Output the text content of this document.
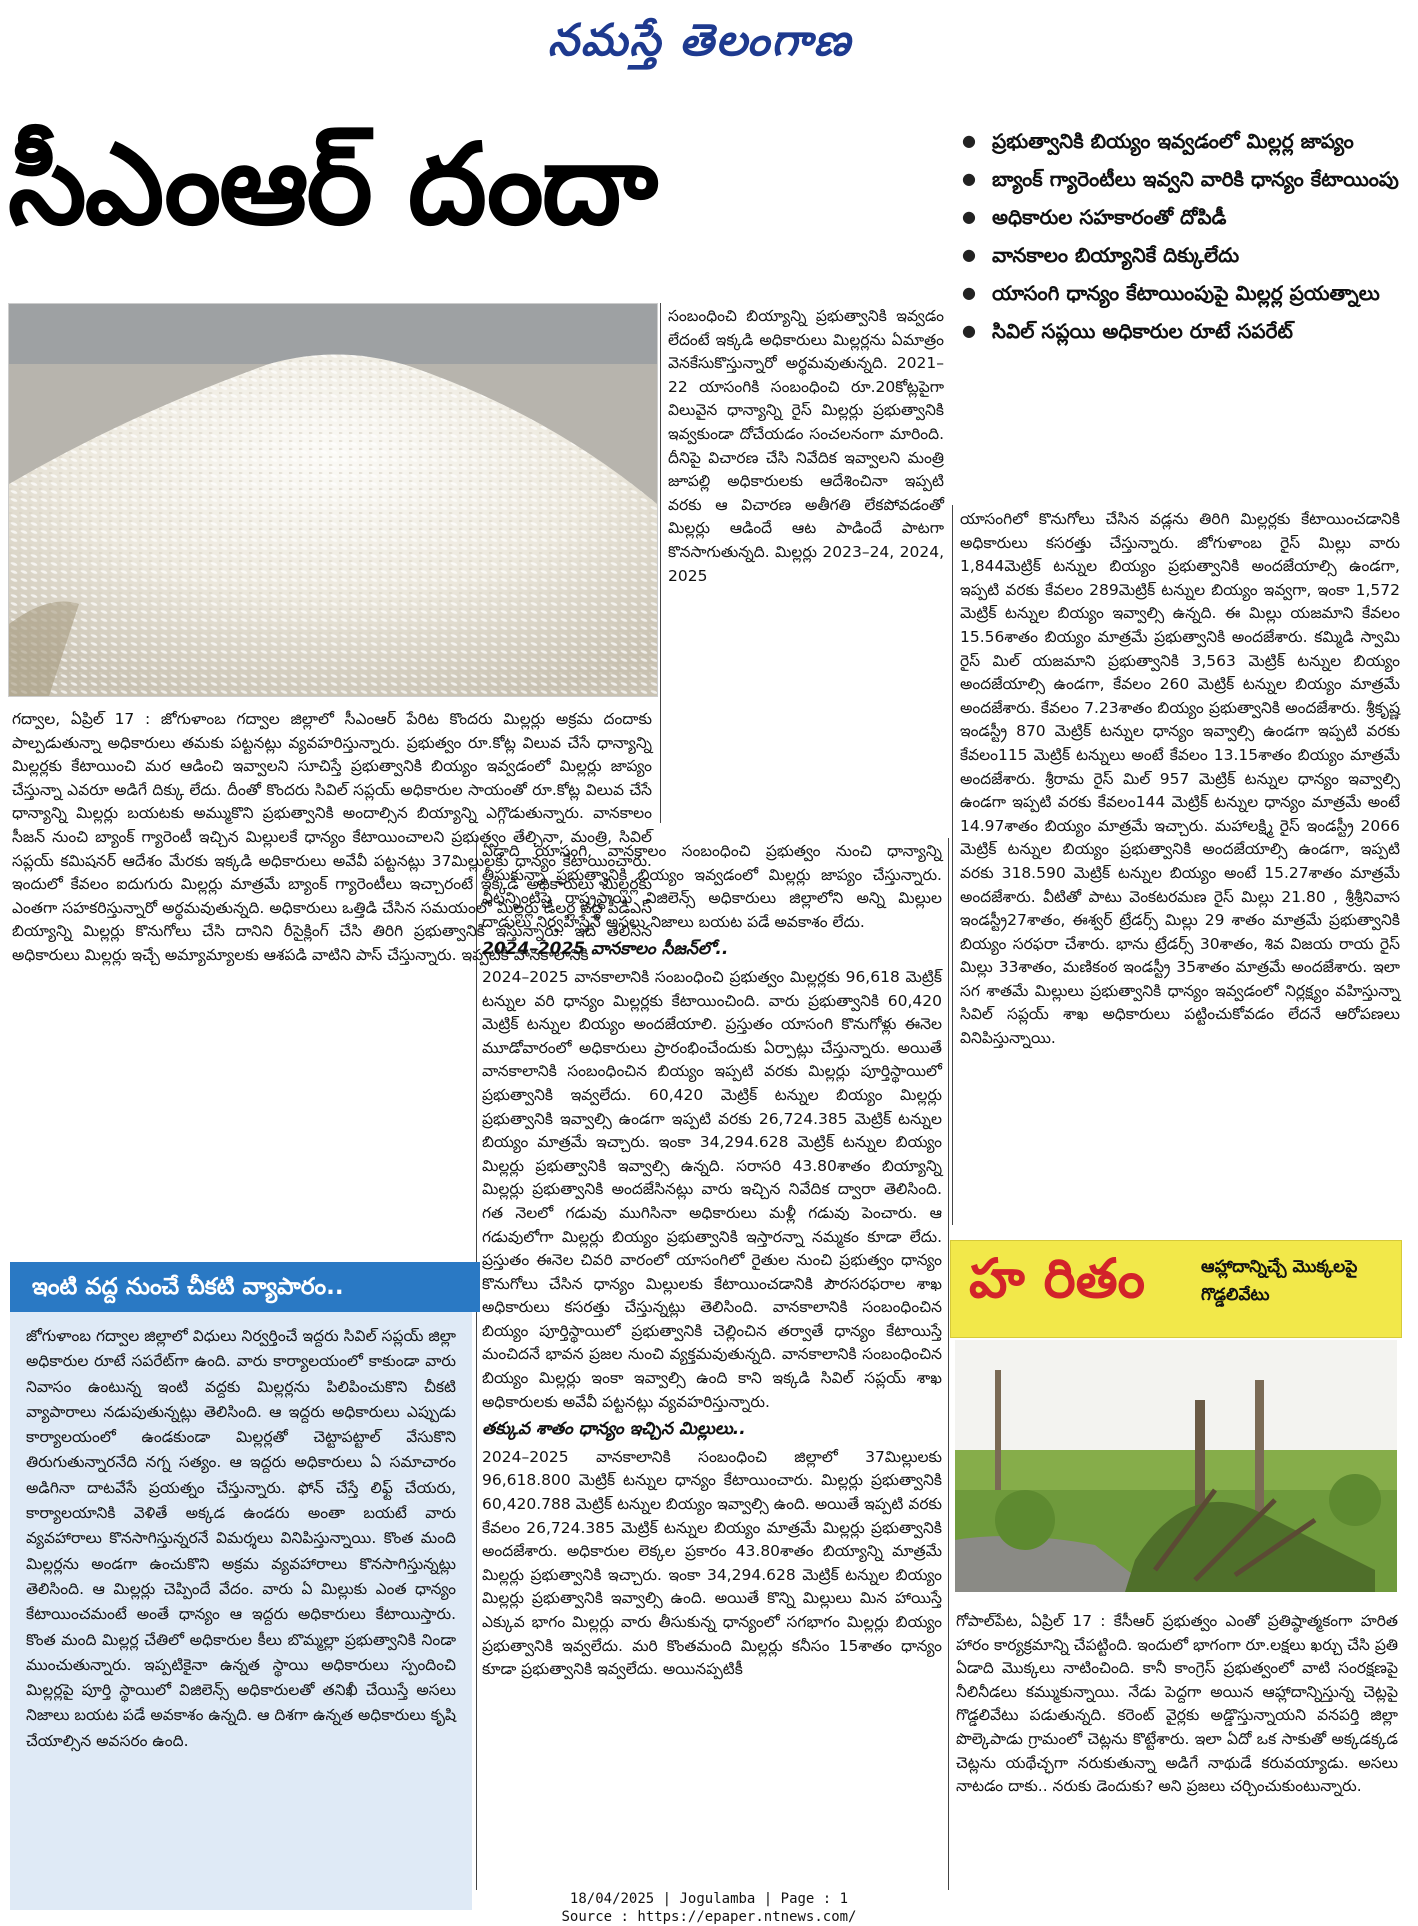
నమస్తే తెలంగాణ
సీఎంఆర్ దందా
●	ప్రభుత్వానికి బియ్యం ఇవ్వడంలో మిల్లర్ల జాప్యం
● బ్యాంక్ గ్యారెంటీలు ఇవ్వని వారికి ధాన్యం కేటాయింపు
● అధికారుల సహకారంతో దోపిడీ
● వానకాలం బియ్యానికే దిక్కులేదు
● యాసంగి ధాన్యం కేటాయింపుపై మిల్లర్ల ప్రయత్నాలు
● సివిల్ సప్లయి అధికారుల రూటే సపరేట్

గద్వాల, ఏప్రిల్ 17 : జోగుళాంబ గద్వాల జిల్లాలో సీఎంఆర్ పేరిట కొందరు మిల్లర్లు అక్రమ దందాకు పాల్పడుతున్నా అధికారులు తమకు పట్టనట్లు వ్యవహరిస్తున్నారు. ప్రభుత్వం రూ.కోట్ల విలువ చేసే ధాన్యాన్ని మిల్లర్లకు కేటాయించి మర ఆడించి ఇవ్వాలని సూచిస్తే ప్రభుత్వానికి బియ్యం ఇవ్వడంలో మిల్లర్లు జాప్యం చేస్తున్నా ఎవరూ అడిగే దిక్కు లేదు. దీంతో కొందరు సివిల్ సప్లయ్ అధికారుల సాయంతో రూ.కోట్ల విలువ చేసే ధాన్యాన్ని మిల్లర్లు బయటకు అమ్ముకొని ప్రభుత్వానికి అందాల్సిన బియ్యాన్ని ఎగ్గొడుతున్నారు. వానకాలం సీజన్ నుంచి బ్యాంక్ గ్యారెంటీ ఇచ్చిన మిల్లులకే ధాన్యం కేటాయించాలని ప్రభుత్వం తేల్చినా, మంత్రి, సివిల్ సప్లయ్ కమిషనర్ ఆదేశం మేరకు ఇక్కడి అధికారులు అవేవీ పట్టనట్లు 37మిల్లులకు ధాన్యం కేటాయించారు. ఇందులో కేవలం ఐదుగురు మిల్లర్లు మాత్రమే బ్యాంక్ గ్యారెంటీలు ఇచ్చారంటే ఇక్కడి అధికారులు మిల్లర్లకు ఎంతగా సహకరిస్తున్నారో అర్థమవుతున్నది. అధికారులు ఒత్తిడి చేసిన సమయంలో మిల్లర్లు డీలర్ల వద్ద పీడీఎస్ బియ్యాన్ని మిల్లర్లు కొనుగోలు చేసి దానిని రీసైక్లింగ్ చేసి తిరిగి ప్రభుత్వానికి ఇస్తున్నారు. ఇది తెలిసిన అధికారులు మిల్లర్లు ఇచ్చే అమ్యామ్యాలకు ఆశపడి వాటిని పాస్ చేస్తున్నారు. ఇప్పటికీ వానకాలానికి

సంబంధించి బియ్యాన్ని ప్రభుత్వానికి ఇవ్వడం లేదంటే ఇక్కడి అధికారులు మిల్లర్లను ఏమాత్రం వెనకేసుకొస్తున్నారో అర్థమవుతున్నది. 2021–22 యాసంగికి సంబంధించి రూ.20కోట్లపైగా విలువైన ధాన్యాన్ని రైస్ మిల్లర్లు ప్రభుత్వానికి ఇవ్వకుండా దోచేయడం సంచలనంగా మారింది. దీనిపై విచారణ చేసి నివేదిక ఇవ్వాలని మంత్రి జూపల్లి అధికారులకు ఆదేశించినా ఇప్పటి వరకు ఆ విచారణ అతీగతి లేకపోవడంతో మిల్లర్లు ఆడిందే ఆట పాడిందే పాటగా కొనసాగుతున్నది. మిల్లర్లు 2023–24, 2024, 2025

ఏడాది యాసంగి, వానకాలం సంబంధించి ప్రభుత్వం నుంచి ధాన్యాన్ని తీసుకున్నా ప్రభుత్వానికి బియ్యం ఇవ్వడంలో మిల్లర్లు జాప్యం చేస్తున్నారు. వీటన్నింటిపై రాష్ట్రస్థాయి విజిలెన్స్ అధికారులు జిల్లాలోని అన్ని మిల్లుల దాడులు నిర్వహిస్తేనే అసలు నిజాలు బయట పడే అవకాశం లేదు.

2024–2025 వానకాలం సీజన్‌లో..

2024–2025 వానకాలానికి సంబంధించి ప్రభుత్వం మిల్లర్లకు 96,618 మెట్రిక్ టన్నుల వరి ధాన్యం మిల్లర్లకు కేటాయించింది. వారు ప్రభుత్వానికి 60,420 మెట్రిక్ టన్నుల బియ్యం అందజేయాలి. ప్రస్తుతం యాసంగి కొనుగోళ్లు ఈనెల మూడోవారంలో అధికారులు ప్రారంభించేందుకు ఏర్పాట్లు చేస్తున్నారు. అయితే వానకాలానికి సంబంధించిన బియ్యం ఇప్పటి వరకు మిల్లర్లు పూర్తిస్థాయిలో ప్రభుత్వానికి ఇవ్వలేదు. 60,420 మెట్రిక్ టన్నుల బియ్యం మిల్లర్లు ప్రభుత్వానికి ఇవ్వాల్సి ఉండగా ఇప్పటి వరకు 26,724.385 మెట్రిక్ టన్నుల బియ్యం మాత్రమే ఇచ్చారు. ఇంకా 34,294.628 మెట్రిక్ టన్నుల బియ్యం మిల్లర్లు ప్రభుత్వానికి ఇవ్వాల్సి ఉన్నది. సరాసరి 43.80శాతం బియ్యాన్ని మిల్లర్లు ప్రభుత్వానికి అందజేసినట్లు వారు ఇచ్చిన నివేదిక ద్వారా తెలిసింది. గత నెలలో గడువు ముగిసినా అధికారులు మళ్లీ గడువు పెంచారు. ఆ గడువులోగా మిల్లర్లు బియ్యం ప్రభుత్వానికి ఇస్తారన్నా నమ్మకం కూడా లేదు. ప్రస్తుతం ఈనెల చివరి వారంలో యాసంగిలో రైతుల నుంచి ప్రభుత్వం ధాన్యం కొనుగోలు చేసిన ధాన్యం మిల్లులకు కేటాయించడానికి పౌరసరఫరాల శాఖ అధికారులు కసరత్తు చేస్తున్నట్లు తెలిసింది. వానకాలానికి సంబంధించిన బియ్యం పూర్తిస్థాయిలో ప్రభుత్వానికి చెల్లించిన తర్వాతే ధాన్యం కేటాయిస్తే మంచిదనే భావన ప్రజల నుంచి వ్యక్తమవుతున్నది. వానకాలానికి సంబంధించిన బియ్యం మిల్లర్లు ఇంకా ఇవ్వాల్సి ఉంది కాని ఇక్కడి సివిల్ సప్లయ్ శాఖ అధికారులకు అవేవీ పట్టనట్లు వ్యవహరిస్తున్నారు.

తక్కువ శాతం ధాన్యం ఇచ్చిన మిల్లులు..

2024–2025 వానకాలానికి సంబంధించి జిల్లాలో 37మిల్లులకు 96,618.800 మెట్రిక్ టన్నుల ధాన్యం కేటాయించారు. మిల్లర్లు ప్రభుత్వానికి 60,420.788 మెట్రిక్ టన్నుల బియ్యం ఇవ్వాల్సి ఉంది. అయితే ఇప్పటి వరకు కేవలం 26,724.385 మెట్రిక్ టన్నుల బియ్యం మాత్రమే మిల్లర్లు ప్రభుత్వానికి అందజేశారు. అధికారుల లెక్కల ప్రకారం 43.80శాతం బియ్యాన్ని మాత్రమే మిల్లర్లు ప్రభుత్వానికి ఇచ్చారు. ఇంకా 34,294.628 మెట్రిక్ టన్నుల బియ్యం మిల్లర్లు ప్రభుత్వానికి ఇవ్వాల్సి ఉంది. అయితే కొన్ని మిల్లులు మిన హాయిస్తే ఎక్కువ భాగం మిల్లర్లు వారు తీసుకున్న ధాన్యంలో సగభాగం మిల్లర్లు బియ్యం ప్రభుత్వానికి ఇవ్వలేదు. మరి కొంతమంది మిల్లర్లు కనీసం 15శాతం ధాన్యం కూడా ప్రభుత్వానికి ఇవ్వలేదు. అయినప్పటికీ

యాసంగిలో కొనుగోలు చేసిన వడ్లను తిరిగి మిల్లర్లకు కేటాయించడానికి అధికారులు కసరత్తు చేస్తున్నారు. జోగుళాంబ రైస్ మిల్లు వారు 1,844మెట్రిక్ టన్నుల బియ్యం ప్రభుత్వానికి అందజేయాల్సి ఉండగా, ఇప్పటి వరకు కేవలం 289మెట్రిక్ టన్నుల బియ్యం ఇవ్వగా, ఇంకా 1,572 మెట్రిక్ టన్నుల బియ్యం ఇవ్వాల్సి ఉన్నది. ఈ మిల్లు యజమాని కేవలం 15.56శాతం బియ్యం మాత్రమే ప్రభుత్వానికి అందజేశారు. కమ్మిడి స్వామి రైస్ మిల్ యజమాని ప్రభుత్వానికి 3,563 మెట్రిక్ టన్నుల బియ్యం అందజేయాల్సి ఉండగా, కేవలం 260 మెట్రిక్ టన్నుల బియ్యం మాత్రమే అందజేశారు. కేవలం 7.23శాతం బియ్యం ప్రభుత్వానికి అందజేశారు. శ్రీకృష్ణ ఇండస్ట్రీ 870 మెట్రిక్ టన్నుల ధాన్యం ఇవ్వాల్సి ఉండగా ఇప్పటి వరకు కేవలం115 మెట్రిక్ టన్నులు అంటే కేవలం 13.15శాతం బియ్యం మాత్రమే అందజేశారు. శ్రీరామ రైస్ మిల్ 957 మెట్రిక్ టన్నుల ధాన్యం ఇవ్వాల్సి ఉండగా ఇప్పటి వరకు కేవలం144 మెట్రిక్ టన్నుల ధాన్యం మాత్రమే అంటే 14.97శాతం బియ్యం మాత్రమే ఇచ్చారు. మహాలక్ష్మి రైస్ ఇండస్ట్రీ 2066 మెట్రిక్ టన్నుల బియ్యం ప్రభుత్వానికి అందజేయాల్సి ఉండగా, ఇప్పటి వరకు 318.590 మెట్రిక్ టన్నుల బియ్యం అంటే 15.27శాతం మాత్రమే అందజేశారు. వీటితో పాటు వెంకటరమణ రైస్ మిల్లు 21.80 , శ్రీశ్రీనివాస ఇండస్ట్రీ27శాతం, ఈశ్వర్ ట్రేడర్స్ మిల్లు 29 శాతం మాత్రమే ప్రభుత్వానికి బియ్యం సరఫరా చేశారు. భాను ట్రేడర్స్ 30శాతం, శివ విజయ రాయ రైస్ మిల్లు 33శాతం, మణికంఠ ఇండస్ట్రీ 35శాతం మాత్రమే అందజేశారు. ఇలా సగ శాతమే మిల్లులు ప్రభుత్వానికి ధాన్యం ఇవ్వడంలో నిర్లక్ష్యం వహిస్తున్నా సివిల్ సప్లయ్ శాఖ అధికారులు పట్టించుకోవడం లేదనే ఆరోపణలు వినిపిస్తున్నాయి.

ఇంటి వద్ద నుంచే చీకటి వ్యాపారం..
జోగుళాంబ గద్వాల జిల్లాలో విధులు నిర్వర్తించే ఇద్దరు సివిల్ సప్లయ్ జిల్లా అధికారుల రూటే సపరేట్‌గా ఉంది. వారు కార్యాలయంలో కాకుండా వారు నివాసం ఉంటున్న ఇంటి వద్దకు మిల్లర్లను పిలిపించుకొని చీకటి వ్యాపారాలు నడుపుతున్నట్లు తెలిసింది. ఆ ఇద్దరు అధికారులు ఎప్పుడు కార్యాలయంలో ఉండకుండా మిల్లర్లతో చెట్టాపట్టాల్ వేసుకొని తిరుగుతున్నారనేది నగ్న సత్యం. ఆ ఇద్దరు అధికారులు ఏ సమాచారం అడిగినా దాటవేసే ప్రయత్నం చేస్తున్నారు. ఫోన్ చేస్తే లిఫ్ట్ చేయరు, కార్యాలయానికి వెళితే అక్కడ ఉండరు అంతా బయటే వారు వ్యవహారాలు కొనసాగిస్తున్నరనే విమర్శలు వినిపిస్తున్నాయి. కొంత మంది మిల్లర్లను అండగా ఉంచుకొని అక్రమ వ్యవహారాలు కొనసాగిస్తున్నట్లు తెలిసింది. ఆ మిల్లర్లు చెప్పిందే వేదం. వారు ఏ మిల్లుకు ఎంత ధాన్యం కేటాయించమంటే అంతే ధాన్యం ఆ ఇద్దరు అధికారులు కేటాయిస్తారు. కొంత మంది మిల్లర్ల చేతిలో అధికారుల కీలు బొమ్మల్లా ప్రభుత్వానికి నిండా ముంచుతున్నారు. ఇప్పటికైనా ఉన్నత స్థాయి అధికారులు స్పందించి మిల్లర్లపై పూర్తి స్థాయిలో విజిలెన్స్ అధికారులతో తనిఖీ చేయిస్తే అసలు నిజాలు బయట పడే అవకాశం ఉన్నది. ఆ దిశగా ఉన్నత అధికారులు కృషి చేయాల్సిన అవసరం ఉంది.
హ రితం	ఆహ్లాదాన్నిచ్చే మొక్కలపై గొడ్డలివేటు

గోపాల్‌పేట, ఏప్రిల్ 17 : కేసీఆర్ ప్రభుత్వం ఎంతో ప్రతిష్ఠాత్మకంగా హరిత హారం కార్యక్రమాన్ని చేపట్టింది. ఇందులో భాగంగా రూ.లక్షలు ఖర్చు చేసి ప్రతి ఏడాది మొక్కలు నాటించింది. కానీ కాంగ్రెస్ ప్రభుత్వంలో వాటి సంరక్షణపై నీలినీడలు కమ్ముకున్నాయి. నేడు పెద్దగా అయిన ఆహ్లాదాన్నిస్తున్న చెట్లపై గొడ్డలివేటు పడుతున్నది. కరెంట్ వైర్లకు అడ్డొస్తున్నాయని వనపర్తి జిల్లా పొల్కెపాడు గ్రామంలో చెట్లను కొట్టేశారు. ఇలా ఏదో ఒక సాకుతో అక్కడక్కడ చెట్లను యథేచ్ఛగా నరుకుతున్నా అడిగే నాథుడే కరువయ్యాడు. అసలు నాటడం దాకు.. నరుకు డెందుకు? అని ప్రజలు చర్చించుకుంటున్నారు.

18/04/2025 | Jogulamba | Page : 1
Source : https://epaper.ntnews.com/
